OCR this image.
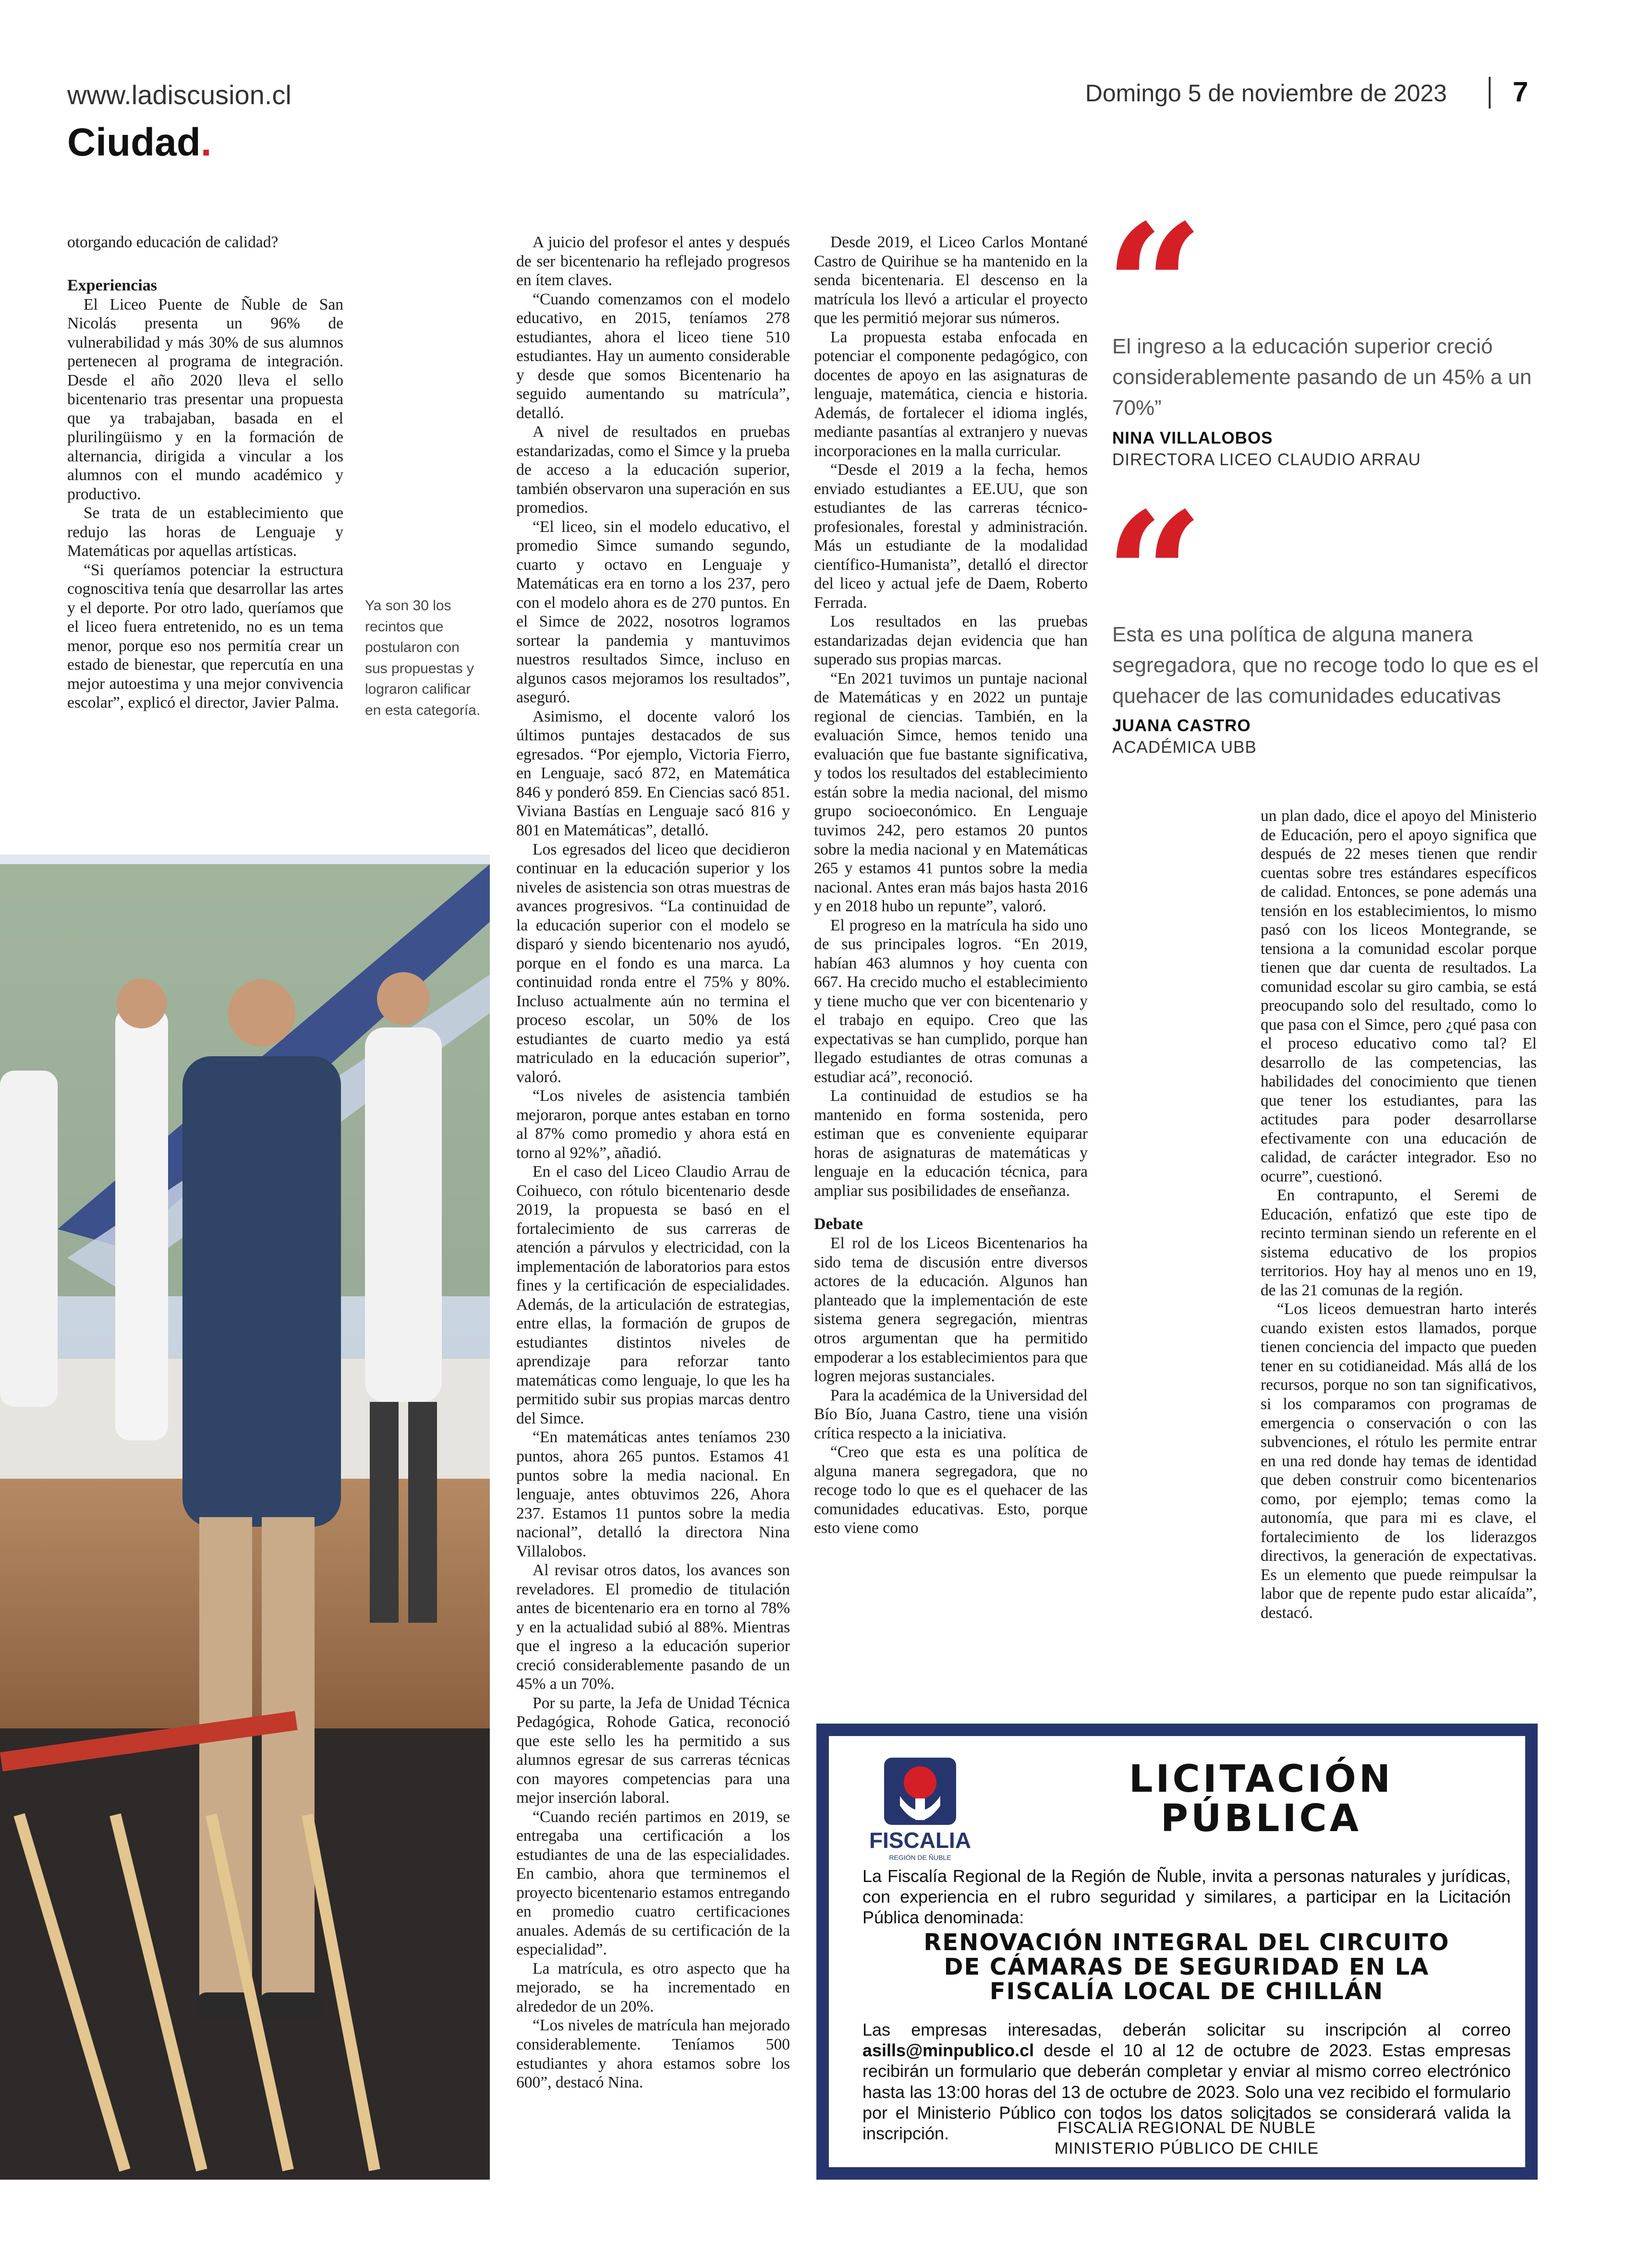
www.ladiscusion.cl
Ciudad.
Domingo 5 de noviembre de 2023 7

otorgando educación de calidad?

Experiencias

El Liceo Puente de Ñuble de San Nicolás presenta un 96% de vulnerabilidad y más 30% de sus alumnos pertenecen al programa de integración. Desde el año 2020 lleva el sello bicentenario tras presentar una propuesta que ya trabajaban, basada en el plurilingüismo y en la formación de alternancia, dirigida a vincular a los alumnos con el mundo académico y productivo.

Se trata de un establecimiento que redujo las horas de Lenguaje y Matemáticas por aquellas artísticas.

“Si queríamos potenciar la estructura cognoscitiva tenía que desarrollar las artes y el deporte. Por otro lado, queríamos que el liceo fuera entretenido, no es un tema menor, porque eso nos permitía crear un estado de bienestar, que repercutía en una mejor autoestima y una mejor convivencia escolar”, explicó el director, Javier Palma.

Ya son 30 los recintos que postularon con sus propuestas y lograron calificar en esta categoría.

A juicio del profesor el antes y después de ser bicentenario ha reflejado progresos en ítem claves.

“Cuando comenzamos con el modelo educativo, en 2015, teníamos 278 estudiantes, ahora el liceo tiene 510 estudiantes. Hay un aumento considerable y desde que somos Bicentenario ha seguido aumentando su matrícula”, detalló.

A nivel de resultados en pruebas estandarizadas, como el Simce y la prueba de acceso a la educación superior, también observaron una superación en sus promedios.

“El liceo, sin el modelo educativo, el promedio Simce sumando segundo, cuarto y octavo en Lenguaje y Matemáticas era en torno a los 237, pero con el modelo ahora es de 270 puntos. En el Simce de 2022, nosotros logramos sortear la pandemia y mantuvimos nuestros resultados Simce, incluso en algunos casos mejoramos los resultados”, aseguró.

Asimismo, el docente valoró los últimos puntajes destacados de sus egresados. “Por ejemplo, Victoria Fierro, en Lenguaje, sacó 872, en Matemática 846 y ponderó 859. En Ciencias sacó 851. Viviana Bastías en Lenguaje sacó 816 y 801 en Matemáticas”, detalló.

Los egresados del liceo que decidieron continuar en la educación superior y los niveles de asistencia son otras muestras de avances progresivos. “La continuidad de la educación superior con el modelo se disparó y siendo bicentenario nos ayudó, porque en el fondo es una marca. La continuidad ronda entre el 75% y 80%. Incluso actualmente aún no termina el proceso escolar, un 50% de los estudiantes de cuarto medio ya está matriculado en la educación superior”, valoró.

“Los niveles de asistencia también mejoraron, porque antes estaban en torno al 87% como promedio y ahora está en torno al 92%”, añadió.

En el caso del Liceo Claudio Arrau de Coihueco, con rótulo bicentenario desde 2019, la propuesta se basó en el fortalecimiento de sus carreras de atención a párvulos y electricidad, con la implementación de laboratorios para estos fines y la certificación de especialidades. Además, de la articulación de estrategias, entre ellas, la formación de grupos de estudiantes distintos niveles de aprendizaje para reforzar tanto matemáticas como lenguaje, lo que les ha permitido subir sus propias marcas dentro del Simce.

“En matemáticas antes teníamos 230 puntos, ahora 265 puntos. Estamos 41 puntos sobre la media nacional. En lenguaje, antes obtuvimos 226, Ahora 237. Estamos 11 puntos sobre la media nacional”, detalló la directora Nina Villalobos.

Al revisar otros datos, los avances son reveladores. El promedio de titulación antes de bicentenario era en torno al 78% y en la actualidad subió al 88%. Mientras que el ingreso a la educación superior creció considerablemente pasando de un 45% a un 70%.

Por su parte, la Jefa de Unidad Técnica Pedagógica, Rohode Gatica, reconoció que este sello les ha permitido a sus alumnos egresar de sus carreras técnicas con mayores competencias para una mejor inserción laboral.

“Cuando recién partimos en 2019, se entregaba una certificación a los estudiantes de una de las especialidades. En cambio, ahora que terminemos el proyecto bicentenario estamos entregando en promedio cuatro certificaciones anuales. Además de su certificación de la especialidad”.

La matrícula, es otro aspecto que ha mejorado, se ha incrementado en alrededor de un 20%.

“Los niveles de matrícula han mejorado considerablemente. Teníamos 500 estudiantes y ahora estamos sobre los 600”, destacó Nina.

Desde 2019, el Liceo Carlos Montané Castro de Quirihue se ha mantenido en la senda bicentenaria. El descenso en la matrícula los llevó a articular el proyecto que les permitió mejorar sus números.

La propuesta estaba enfocada en potenciar el componente pedagógico, con docentes de apoyo en las asignaturas de lenguaje, matemática, ciencia e historia. Además, de fortalecer el idioma inglés, mediante pasantías al extranjero y nuevas incorporaciones en la malla curricular.

“Desde el 2019 a la fecha, hemos enviado estudiantes a EE.UU, que son estudiantes de las carreras técnico-profesionales, forestal y administración. Más un estudiante de la modalidad científico-Humanista”, detalló el director del liceo y actual jefe de Daem, Roberto Ferrada.

Los resultados en las pruebas estandarizadas dejan evidencia que han superado sus propias marcas.

“En 2021 tuvimos un puntaje nacional de Matemáticas y en 2022 un puntaje regional de ciencias. También, en la evaluación Simce, hemos tenido una evaluación que fue bastante significativa, y todos los resultados del establecimiento están sobre la media nacional, del mismo grupo socioeconómico. En Lenguaje tuvimos 242, pero estamos 20 puntos sobre la media nacional y en Matemáticas 265 y estamos 41 puntos sobre la media nacional. Antes eran más bajos hasta 2016 y en 2018 hubo un repunte”, valoró.

El progreso en la matrícula ha sido uno de sus principales logros. “En 2019, habían 463 alumnos y hoy cuenta con 667. Ha crecido mucho el establecimiento y tiene mucho que ver con bicentenario y el trabajo en equipo. Creo que las expectativas se han cumplido, porque han llegado estudiantes de otras comunas a estudiar acá”, reconoció.

La continuidad de estudios se ha mantenido en forma sostenida, pero estiman que es conveniente equiparar horas de asignaturas de matemáticas y lenguaje en la educación técnica, para ampliar sus posibilidades de enseñanza.

Debate

El rol de los Liceos Bicentenarios ha sido tema de discusión entre diversos actores de la educación. Algunos han planteado que la implementación de este sistema genera segregación, mientras otros argumentan que ha permitido empoderar a los establecimientos para que logren mejoras sustanciales.

Para la académica de la Universidad del Bío Bío, Juana Castro, tiene una visión crítica respecto a la iniciativa.

“Creo que esta es una política de alguna manera segregadora, que no recoge todo lo que es el quehacer de las comunidades educativas. Esto, porque esto viene como

“
El ingreso a la educación superior creció considerablemente pasando de un 45% a un 70%”
NINA VILLALOBOS
DIRECTORA LICEO CLAUDIO ARRAU
“
Esta es una política de alguna manera segregadora, que no recoge todo lo que es el quehacer de las comunidades educativas
JUANA CASTRO
ACADÉMICA UBB

un plan dado, dice el apoyo del Ministerio de Educación, pero el apoyo significa que después de 22 meses tienen que rendir cuentas sobre tres estándares específicos de calidad. Entonces, se pone además una tensión en los establecimientos, lo mismo pasó con los liceos Montegrande, se tensiona a la comunidad escolar porque tienen que dar cuenta de resultados. La comunidad escolar su giro cambia, se está preocupando solo del resultado, como lo que pasa con el Simce, pero ¿qué pasa con el proceso educativo como tal? El desarrollo de las competencias, las habilidades del conocimiento que tienen que tener los estudiantes, para las actitudes para poder desarrollarse efectivamente con una educación de calidad, de carácter integrador. Eso no ocurre”, cuestionó.

En contrapunto, el Seremi de Educación, enfatizó que este tipo de recinto terminan siendo un referente en el sistema educativo de los propios territorios. Hoy hay al menos uno en 19, de las 21 comunas de la región.

“Los liceos demuestran harto interés cuando existen estos llamados, porque tienen conciencia del impacto que pueden tener en su cotidianeidad. Más allá de los recursos, porque no son tan significativos, si los comparamos con programas de emergencia o conservación o con las subvenciones, el rótulo les permite entrar en una red donde hay temas de identidad que deben construir como bicentenarios como, por ejemplo; temas como la autonomía, que para mi es clave, el fortalecimiento de los liderazgos directivos, la generación de expectativas. Es un elemento que puede reimpulsar la labor que de repente pudo estar alicaída”, destacó.

FISCALIA
REGIÓN DE ÑUBLE
LICITACIÓN
PÚBLICA
La Fiscalía Regional de la Región de Ñuble, invita a personas naturales y jurídicas, con experiencia en el rubro seguridad y similares, a participar en la Licitación Pública denominada:
RENOVACIÓN INTEGRAL DEL CIRCUITO
DE CÁMARAS DE SEGURIDAD EN LA
FISCALÍA LOCAL DE CHILLÁN
Las empresas interesadas, deberán solicitar su inscripción al correo asills@minpublico.cl desde el 10 al 12 de octubre de 2023. Estas empresas recibirán un formulario que deberán completar y enviar al mismo correo electrónico hasta las 13:00 horas del 13 de octubre de 2023. Solo una vez recibido el formulario por el Ministerio Público con todos los datos solicitados se considerará valida la inscripción.	FISCALÍA REGIONAL DE ÑUBLE
MINISTERIO PÚBLICO DE CHILE
